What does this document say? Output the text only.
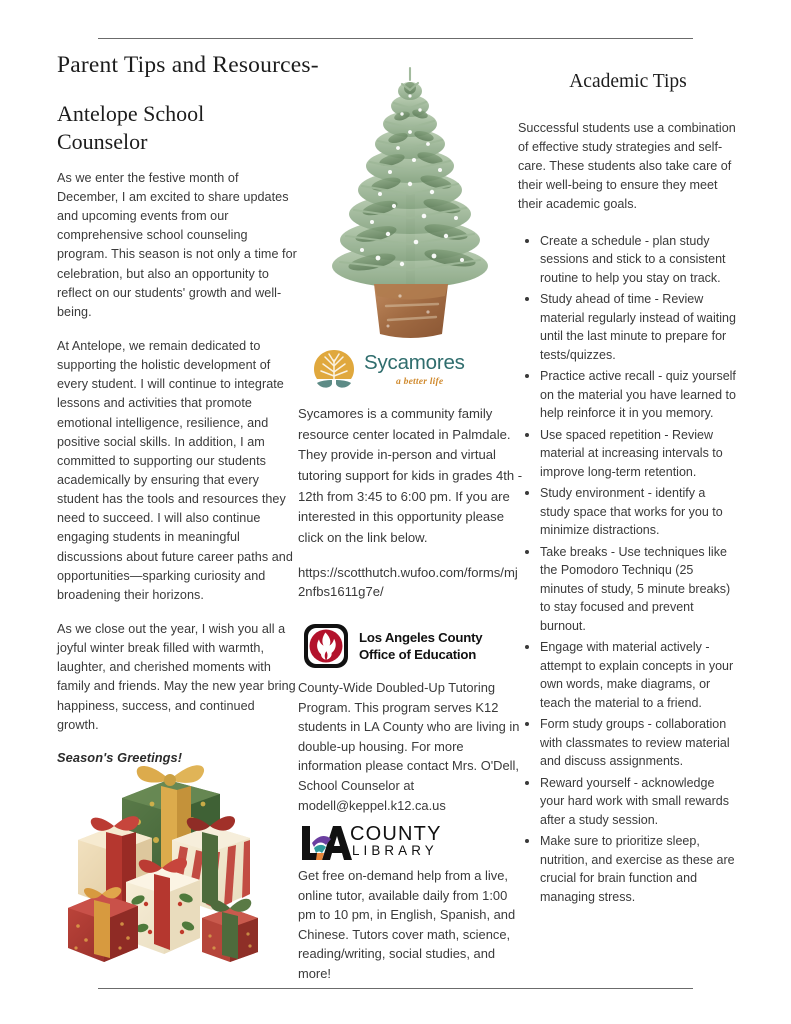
Parent Tips and Resources-
Antelope School Counselor

As we enter the festive month of December, I am excited to share updates and upcoming events from our comprehensive school counseling program. This season is not only a time for celebration, but also an opportunity to reflect on our students' growth and well-being.

At Antelope, we remain dedicated to supporting the holistic development of every student. I will continue to integrate lessons and activities that promote emotional intelligence, resilience, and positive social skills. In addition, I am committed to supporting our students academically by ensuring that every student has the tools and resources they need to succeed. I will also continue engaging students in meaningful discussions about future career paths and opportunities—sparking curiosity and broadening their horizons.

As we close out the year, I wish you all a joyful winter break filled with warmth, laughter, and cherished moments with family and friends. May the new year bring happiness, success, and continued growth.

Season's Greetings!

Sycamores
a better life

Sycamores is a community family resource center located in Palmdale. They provide in-person and virtual tutoring support for kids in grades 4th - 12th from 3:45 to 6:00 pm. If you are interested in this opportunity please click on the link below.

https://scotthutch.wufoo.com/forms/mj2nfbs1611g7e/

Los Angeles County
Office of Education

County-Wide Doubled-Up Tutoring Program. This program serves K12 students in LA County who are living in double-up housing. For more information please contact Mrs. O'Dell, School Counselor at modell@keppel.k12.ca.us

COUNTY
LIBRARY

Get free on-demand help from a live, online tutor, available daily from 1:00 pm to 10 pm, in English, Spanish, and Chinese. Tutors cover math, science, reading/writing, social studies, and more!

Academic Tips

Successful students use a combination of effective study strategies and self-care. These students also take care of their well-being to ensure they meet their academic goals.

Create a schedule - plan study sessions and stick to a consistent routine to help you stay on track.
Study ahead of time - Review material regularly instead of waiting until the last minute to prepare for tests/quizzes.
Practice active recall - quiz yourself on the material you have learned to help reinforce it in you memory.
Use spaced repetition - Review material at increasing intervals to improve long-term retention.
Study environment - identify a study space that works for you to minimize distractions.
Take breaks - Use techniques like the Pomodoro Techniqu (25 minutes of study, 5 minute breaks) to stay focused and prevent burnout.
Engage with material actively - attempt to explain concepts in your own words, make diagrams, or teach the material to a friend.
Form study groups - collaboration with classmates to review material and discuss assignments.
Reward yourself - acknowledge your hard work with small rewards after a study session.
Make sure to prioritize sleep, nutrition, and exercise as these are crucial for brain function and managing stress.
